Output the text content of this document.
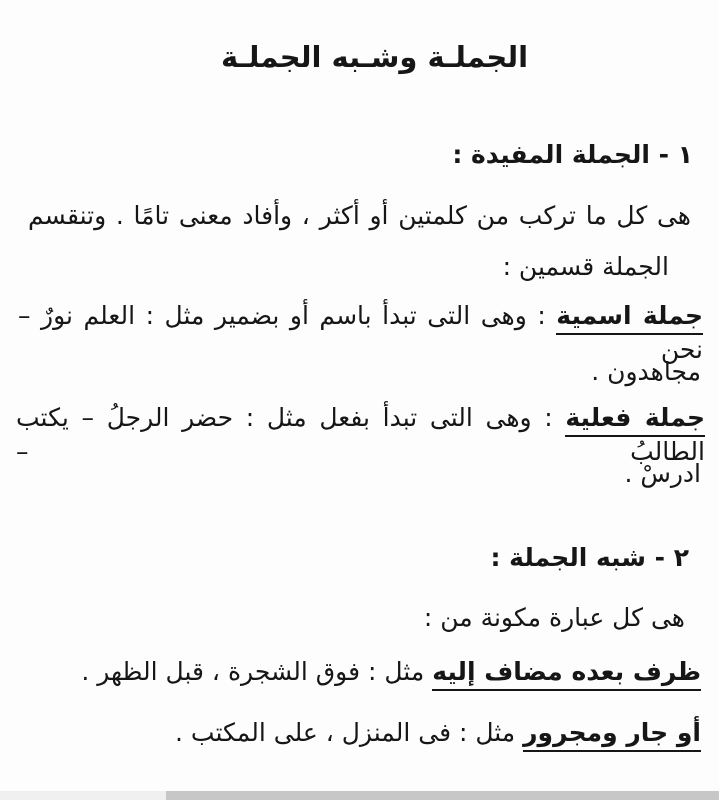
الجملـة وشـبه الجملـة
١ - الجملة المفيدة :
هى كل ما تركب من كلمتين أو أكثر ، وأفاد معنى تامًا . وتنقسم
الجملة قسمين :
جملة اسمية : وهى التى تبدأ باسم أو بضمير مثل : العلم نورٌ – نحن
مجاهدون .
جملة فعلية : وهى التى تبدأ بفعل مثل : حضر الرجلُ – يكتب الطالبُ –
ادرسْ .
٢ - شبه الجملة :
هى كل عبارة مكونة من :
ظرف بعده مضاف إليه مثل : فوق الشجرة ، قبل الظهر .
أو جار ومجرور مثل : فى المنزل ، على المكتب .
